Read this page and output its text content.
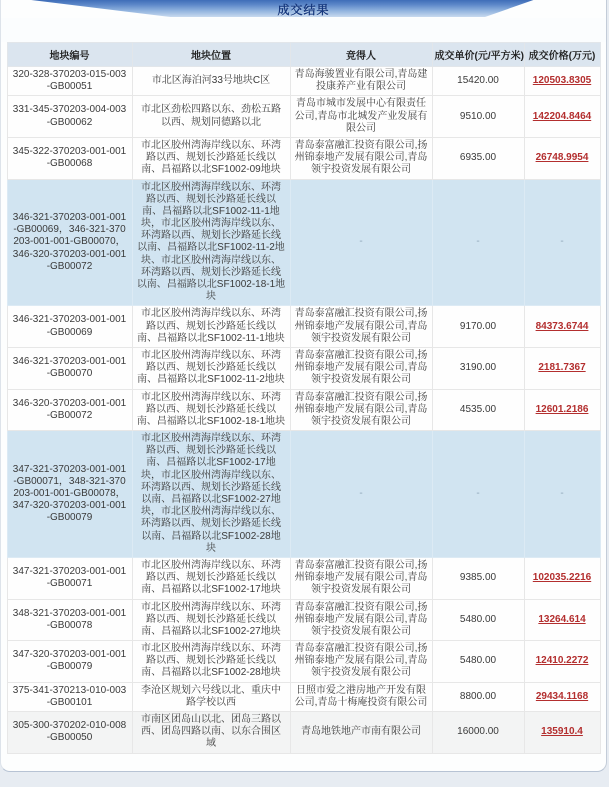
成交结果
地块编号	地块位置	竞得人	成交单价(元/平方米)	成交价格(万元)
320-328-370203-015-003-GB00051	市北区海泊河33号地块C区	青岛海骏置业有限公司,青岛建投康养产业有限公司	15420.00	120503.8305
331-345-370203-004-003-GB00062	市北区劲松四路以东、劲松五路以西、规划同德路以北	青岛市城市发展中心有限责任公司,青岛市北城发产业发展有限公司	9510.00	142204.8464
345-322-370203-001-001-GB00068	市北区胶州湾海岸线以东、环湾路以西、规划长沙路延长线以南、昌福路以北SF1002-09地块	青岛泰富融汇投资有限公司,扬州锦泰地产发展有限公司,青岛领宇投资发展有限公司	6935.00	26748.9954
346-321-370203-001-001-GB00069，346-321-370203-001-001-GB00070，346-320-370203-001-001-GB00072	市北区胶州湾海岸线以东、环湾路以西、规划长沙路延长线以南、昌福路以北SF1002-11-1地块，市北区胶州湾海岸线以东、环湾路以西、规划长沙路延长线以南、昌福路以北SF1002-11-2地块、市北区胶州湾海岸线以东、环湾路以西、规划长沙路延长线以南、昌福路以北SF1002-18-1地块	-	-	-
346-321-370203-001-001-GB00069	市北区胶州湾海岸线以东、环湾路以西、规划长沙路延长线以南、昌福路以北SF1002-11-1地块	青岛泰富融汇投资有限公司,扬州锦泰地产发展有限公司,青岛领宇投资发展有限公司	9170.00	84373.6744
346-321-370203-001-001-GB00070	市北区胶州湾海岸线以东、环湾路以西、规划长沙路延长线以南、昌福路以北SF1002-11-2地块	青岛泰富融汇投资有限公司,扬州锦泰地产发展有限公司,青岛领宇投资发展有限公司	3190.00	2181.7367
346-320-370203-001-001-GB00072	市北区胶州湾海岸线以东、环湾路以西、规划长沙路延长线以南、昌福路以北SF1002-18-1地块	青岛泰富融汇投资有限公司,扬州锦泰地产发展有限公司,青岛领宇投资发展有限公司	4535.00	12601.2186
347-321-370203-001-001-GB00071，348-321-370203-001-001-GB00078，347-320-370203-001-001-GB00079	市北区胶州湾海岸线以东、环湾路以西、规划长沙路延长线以南、昌福路以北SF1002-17地块，市北区胶州湾海岸线以东、环湾路以西、规划长沙路延长线以南、昌福路以北SF1002-27地块，市北区胶州湾海岸线以东、环湾路以西、规划长沙路延长线以南、昌福路以北SF1002-28地块	-	-	-
347-321-370203-001-001-GB00071	市北区胶州湾海岸线以东、环湾路以西、规划长沙路延长线以南、昌福路以北SF1002-17地块	青岛泰富融汇投资有限公司,扬州锦泰地产发展有限公司,青岛领宇投资发展有限公司	9385.00	102035.2216
348-321-370203-001-001-GB00078	市北区胶州湾海岸线以东、环湾路以西、规划长沙路延长线以南、昌福路以北SF1002-27地块	青岛泰富融汇投资有限公司,扬州锦泰地产发展有限公司,青岛领宇投资发展有限公司	5480.00	13264.614
347-320-370203-001-001-GB00079	市北区胶州湾海岸线以东、环湾路以西、规划长沙路延长线以南、昌福路以北SF1002-28地块	青岛泰富融汇投资有限公司,扬州锦泰地产发展有限公司,青岛领宇投资发展有限公司	5480.00	12410.2272
375-341-370213-010-003-GB00101	李沧区规划六号线以北、重庆中路学校以西	日照市爱之港房地产开发有限公司,青岛十梅庵投资有限公司	8800.00	29434.1168
305-300-370202-010-008-GB00050	市南区团岛山以北、团岛三路以西、团岛四路以南、以东合围区域	青岛地铁地产市南有限公司	16000.00	135910.4
